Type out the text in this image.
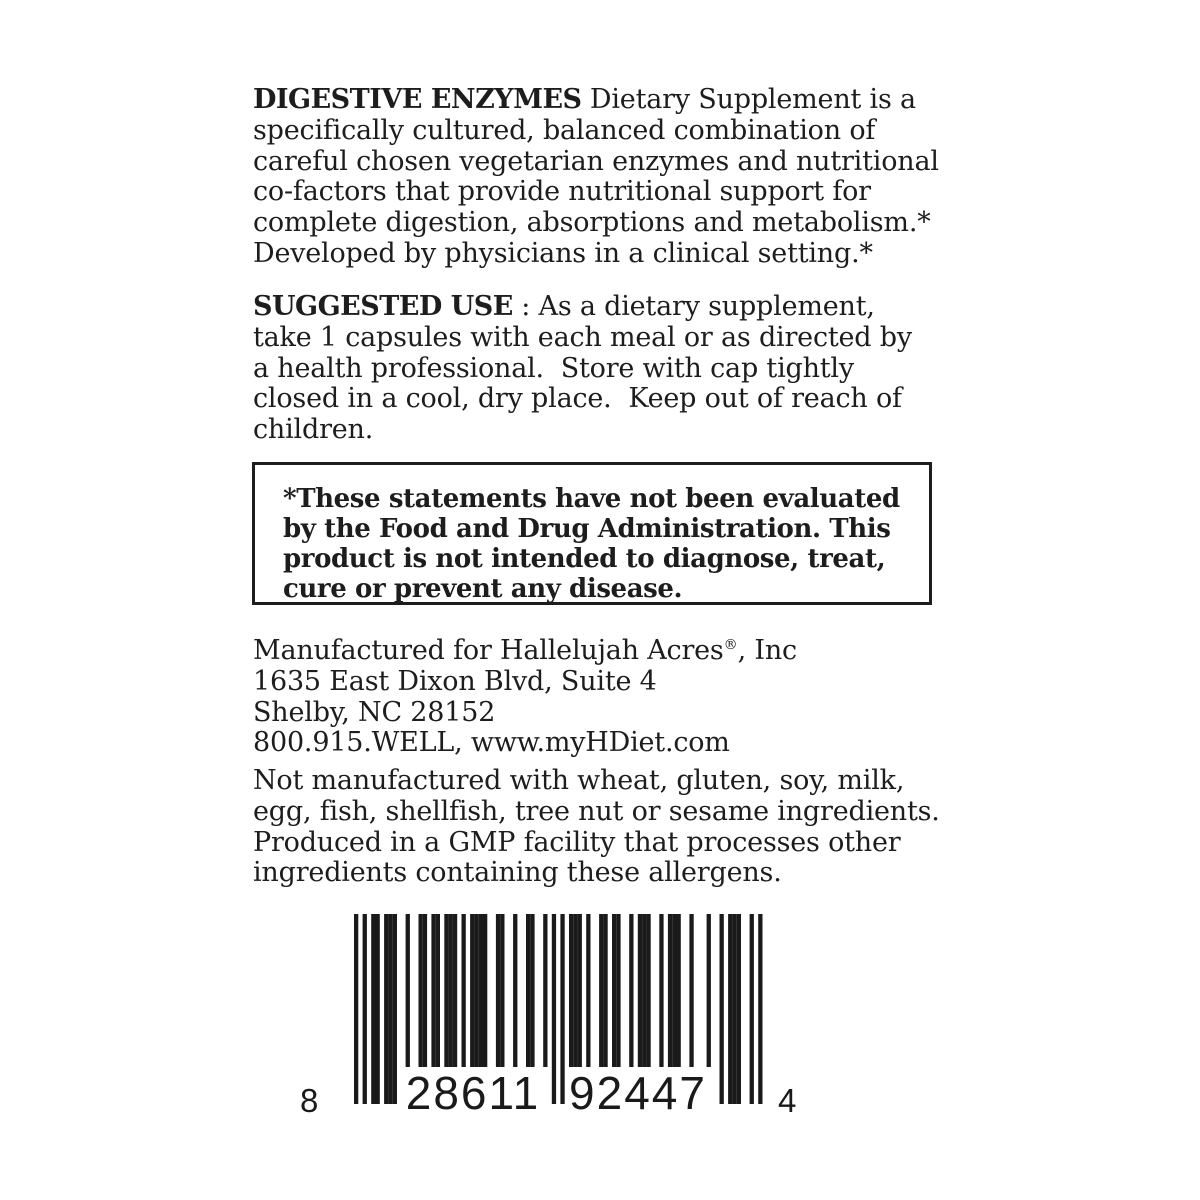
DIGESTIVE ENZYMES Dietary Supplement is a
specifically cultured, balanced combination of
careful chosen vegetarian enzymes and nutritional
co-factors that provide nutritional support for
complete digestion, absorptions and metabolism.*
Developed by physicians in a clinical setting.*
SUGGESTED USE : As a dietary supplement,
take 1 capsules with each meal or as directed by
a health professional.  Store with cap tightly
closed in a cool, dry place.  Keep out of reach of
children.
*These statements have not been evaluated
by the Food and Drug Administration. This
product is not intended to diagnose, treat,
cure or prevent any disease.
Manufactured for Hallelujah Acres®, Inc
1635 East Dixon Blvd, Suite 4
Shelby, NC 28152
800.915.WELL, www.myHDiet.com
Not manufactured with wheat, gluten, soy, milk,
egg, fish, shellfish, tree nut or sesame ingredients.
Produced in a GMP facility that processes other
ingredients containing these allergens.
8 28611 92447 4
